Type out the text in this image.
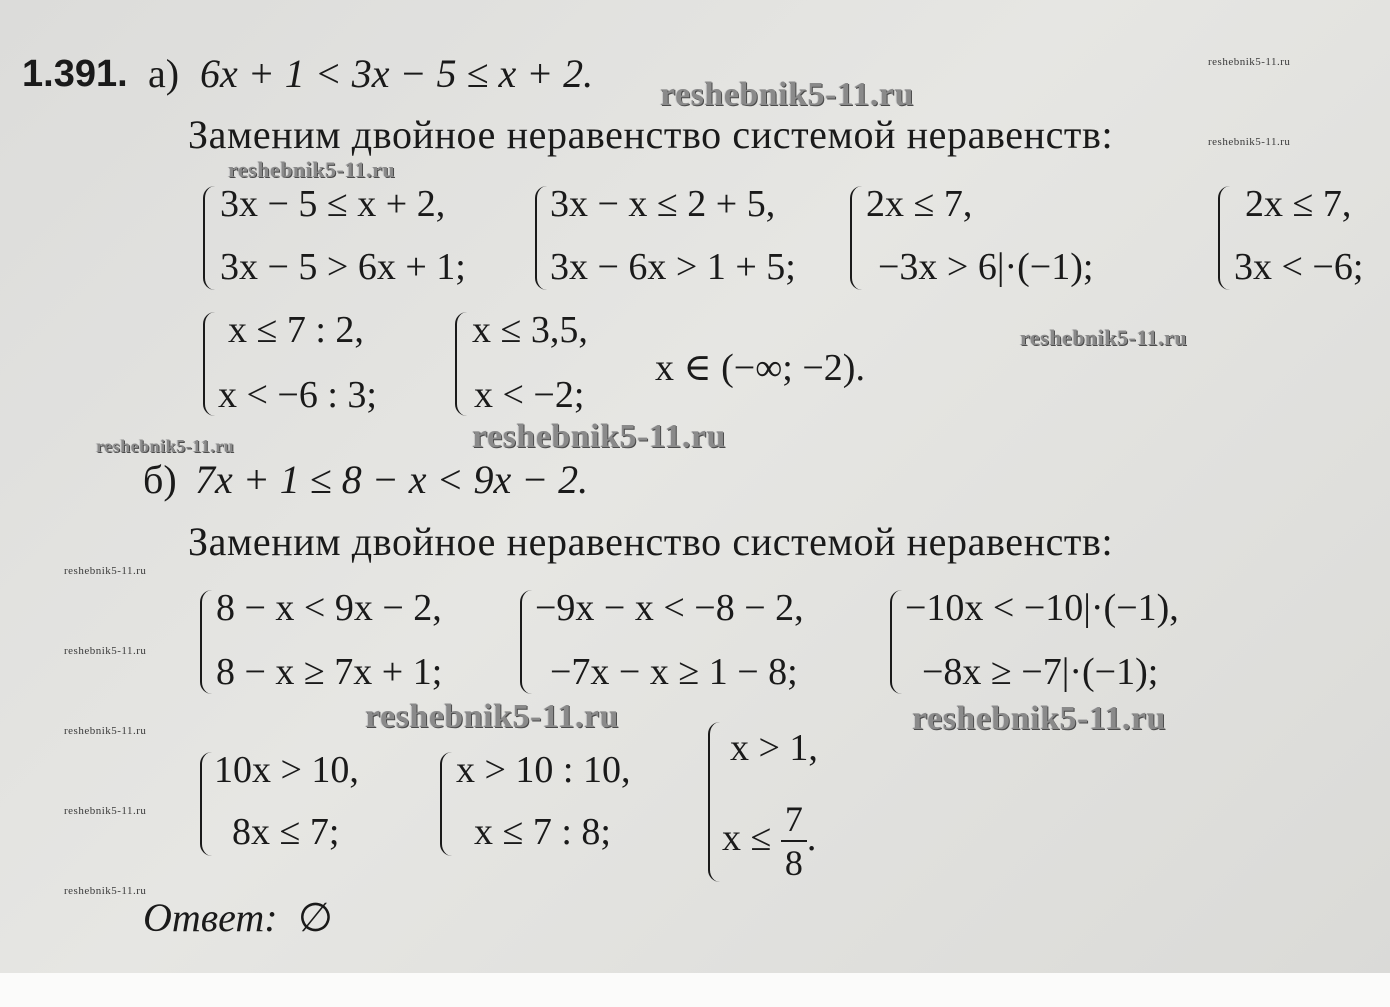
reshebnik5-11.ru
reshebnik5-11.ru
reshebnik5-11.ru
reshebnik5-11.ru
reshebnik5-11.ru
reshebnik5-11.ru
reshebnik5-11.ru
reshebnik5-11.ru
reshebnik5-11.ru
reshebnik5-11.ru
reshebnik5-11.ru	reshebnik5-11.ru
reshebnik5-11.ru	reshebnik5-11.ru
1.391. а) 6x + 1 < 3x − 5 ≤ x + 2.
Заменим двойное неравенство системой неравенств:
3x − 5 ≤ x + 2,
3x − 5 > 6x + 1;
3x − x ≤ 2 + 5,
3x − 6x > 1 + 5;
2x ≤ 7,
−3x > 6|·(−1);
2x ≤ 7,
3x < −6;
x ≤ 7 : 2,
x < −6 : 3;
x ≤ 3,5,
x < −2;
x ∈ (−∞; −2).
б) 7x + 1 ≤ 8 − x < 9x − 2.
Заменим двойное неравенство системой неравенств:
8 − x < 9x − 2,
8 − x ≥ 7x + 1;
−9x − x < −8 − 2,
−7x − x ≥ 1 − 8;
−10x < −10|·(−1),
−8x ≥ −7|·(−1);
10x > 10,
8x ≤ 7;
x > 10 : 10,
x ≤ 7 : 8;
x > 1,
$x \le \frac{7}{8}$ .
Ответ: ∅
